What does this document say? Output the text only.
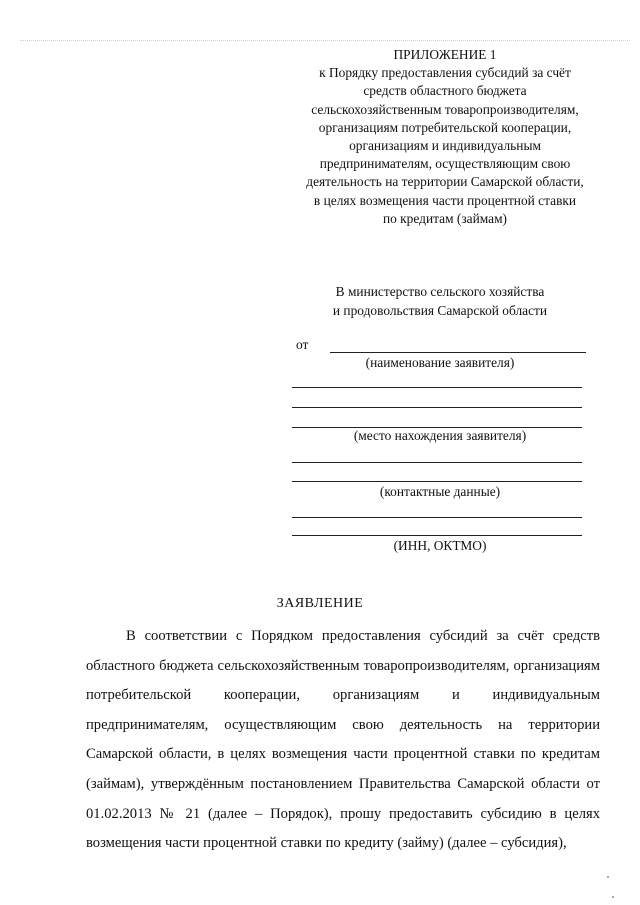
ПРИЛОЖЕНИЕ 1
к Порядку предоставления субсидий за счёт
средств областного бюджета
сельскохозяйственным товаропроизводителям,
организациям потребительской кооперации,
организациям и индивидуальным
предпринимателям, осуществляющим свою
деятельность на территории Самарской области,
в целях возмещения части процентной ставки
по кредитам (займам)
В министерство сельского хозяйства
и продовольствия Самарской области
от
(наименование заявителя)
(место нахождения заявителя)
(контактные данные)
(ИНН, ОКТМО)
ЗАЯВЛЕНИЕ
В соответствии с Порядком предоставления субсидий за счёт средств областного бюджета сельскохозяйственным товаропроизводителям, организациям потребительской кооперации, организациям и индивидуальным предпринимателям, осуществляющим свою деятельность на территории Самарской области, в целях возмещения части процентной ставки по кредитам (займам), утверждённым постановлением Правительства Самарской области от 01.02.2013 № 21 (далее – Порядок), прошу предоставить субсидию в целях возмещения части процентной ставки по кредиту (займу) (далее – субсидия),
